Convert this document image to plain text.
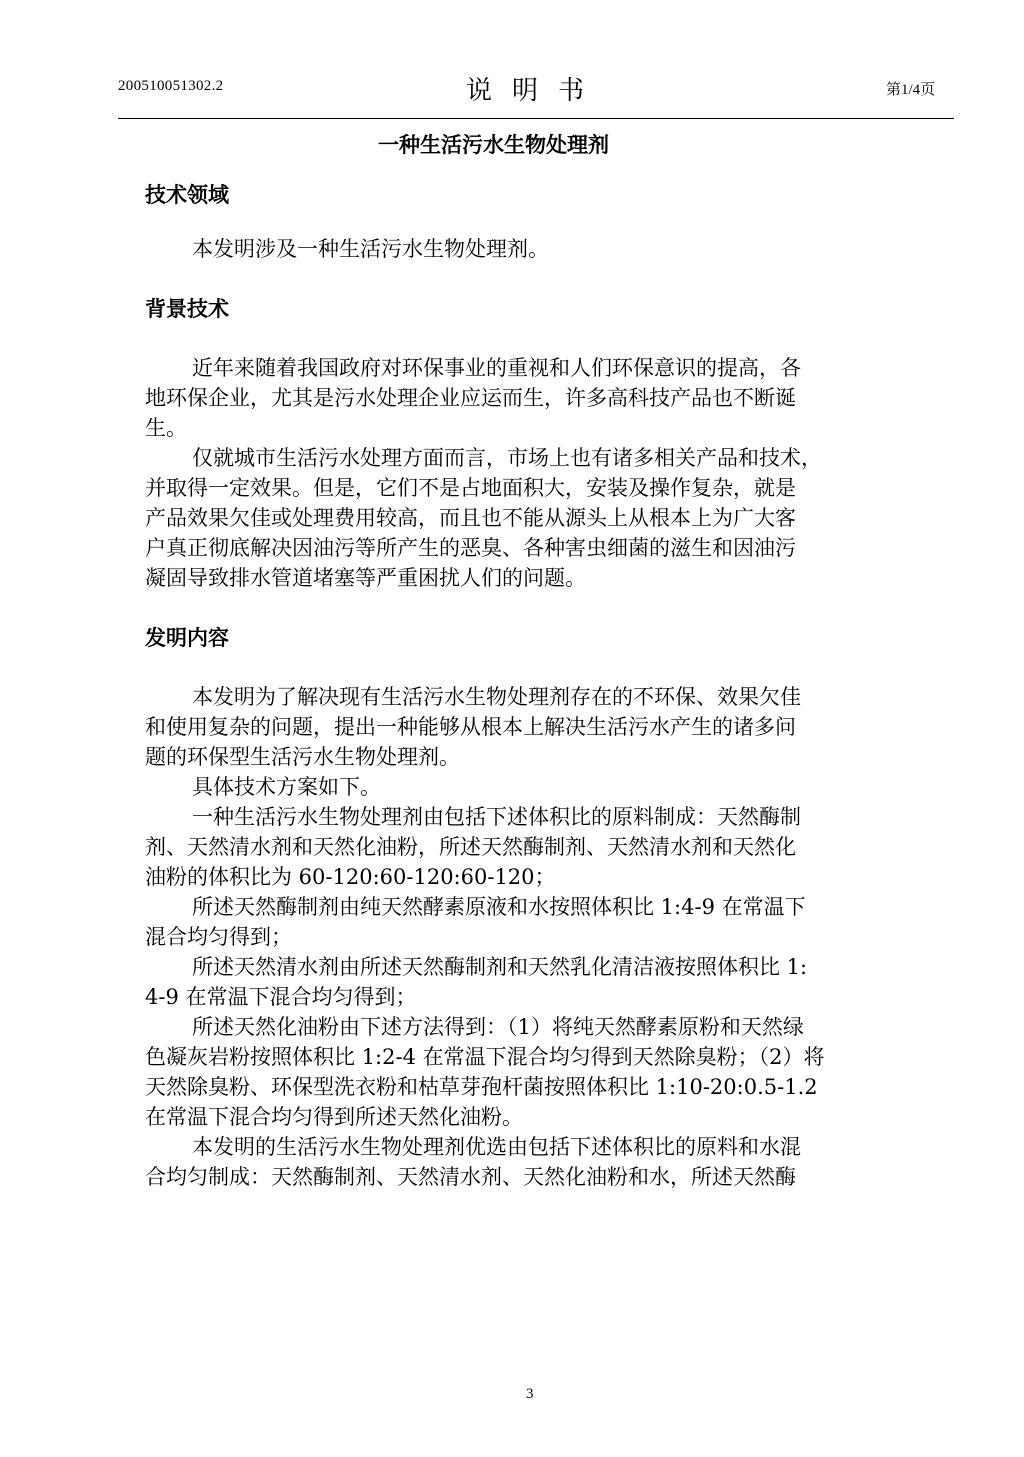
200510051302.2	说明书	第1/4页
一种生活污水生物处理剂
技术领域
本发明涉及一种生活污水生物处理剂。
背景技术
近年来随着我国政府对环保事业的重视和人们环保意识的提高，各
地环保企业，尤其是污水处理企业应运而生，许多高科技产品也不断诞
生。
仅就城市生活污水处理方面而言，市场上也有诸多相关产品和技术，
并取得一定效果。但是，它们不是占地面积大，安装及操作复杂，就是
产品效果欠佳或处理费用较高，而且也不能从源头上从根本上为广大客
户真正彻底解决因油污等所产生的恶臭、各种害虫细菌的滋生和因油污
凝固导致排水管道堵塞等严重困扰人们的问题。
发明内容
本发明为了解决现有生活污水生物处理剂存在的不环保、效果欠佳
和使用复杂的问题，提出一种能够从根本上解决生活污水产生的诸多问
题的环保型生活污水生物处理剂。
具体技术方案如下。
一种生活污水生物处理剂由包括下述体积比的原料制成：天然酶制
剂、天然清水剂和天然化油粉，所述天然酶制剂、天然清水剂和天然化
油粉的体积比为 60-120:60-120:60-120；
所述天然酶制剂由纯天然酵素原液和水按照体积比 1:4-9 在常温下
混合均匀得到；
所述天然清水剂由所述天然酶制剂和天然乳化清洁液按照体积比 1:
4-9 在常温下混合均匀得到；
所述天然化油粉由下述方法得到：（1）将纯天然酵素原粉和天然绿
色凝灰岩粉按照体积比 1:2-4 在常温下混合均匀得到天然除臭粉；（2）将
天然除臭粉、环保型洗衣粉和枯草芽孢杆菌按照体积比 1:10-20:0.5-1.2
在常温下混合均匀得到所述天然化油粉。
本发明的生活污水生物处理剂优选由包括下述体积比的原料和水混
合均匀制成：天然酶制剂、天然清水剂、天然化油粉和水，所述天然酶
3
